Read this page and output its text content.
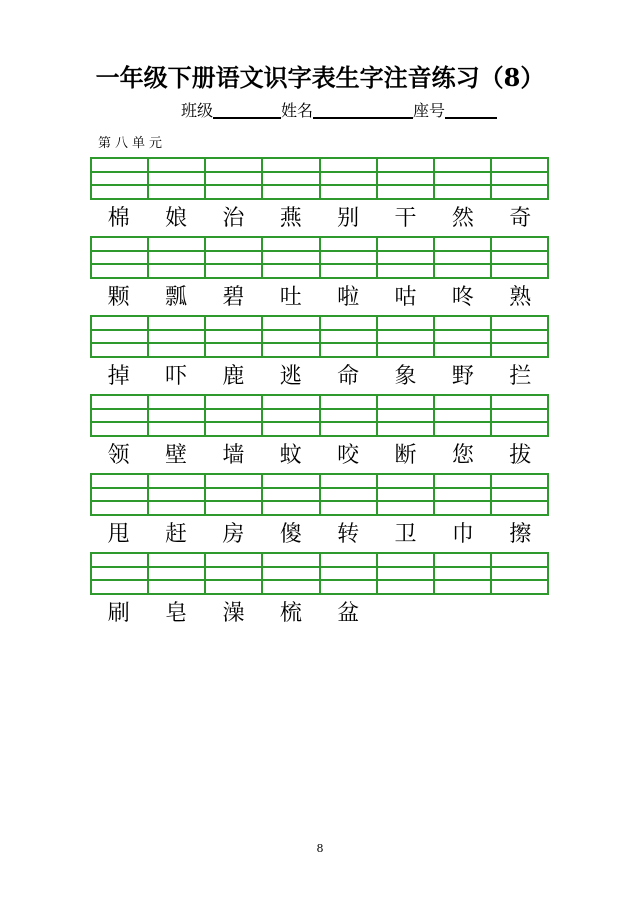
一年级下册语文识字表生字注音练习（8）
班级	姓名	座号
第八单元
棉	娘	治	燕	别	干	然	奇
颗	瓢	碧	吐	啦	咕	咚	熟
掉	吓	鹿	逃	命	象	野	拦
领	壁	墙	蚊	咬	断	您	拔
甩	赶	房	傻	转	卫	巾	擦
刷	皂	澡	梳	盆
8
